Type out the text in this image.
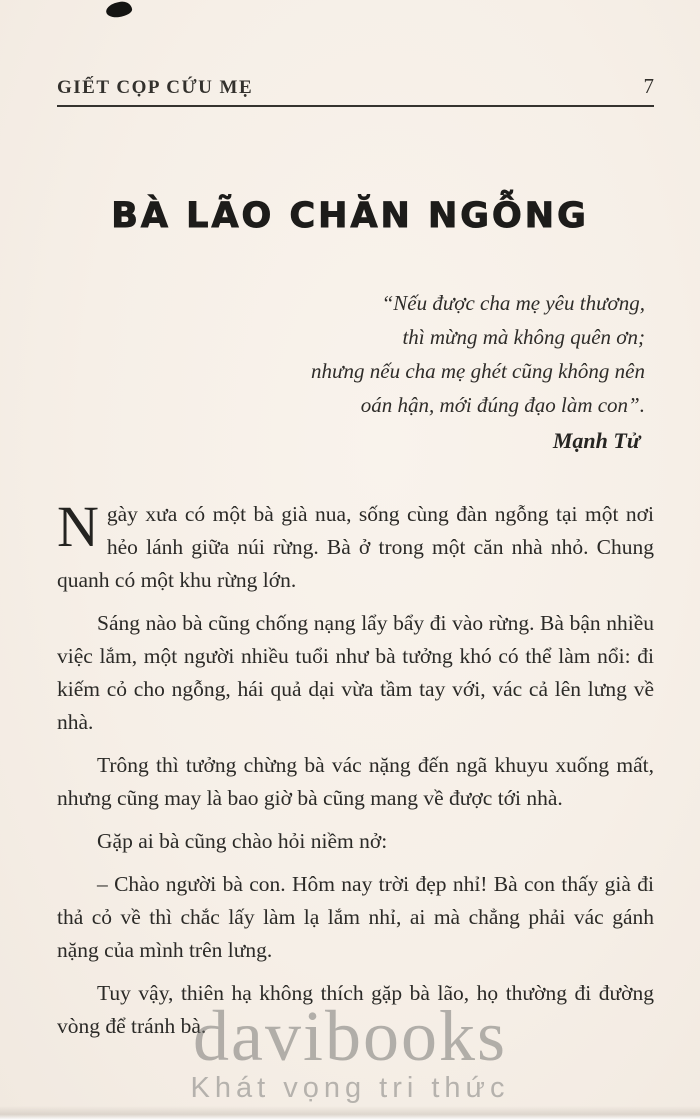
GIẾT CỌP CỨU MẸ	7
BÀ LÃO CHĂN NGỖNG
“Nếu được cha mẹ yêu thương,
thì mừng mà không quên ơn;
nhưng nếu cha mẹ ghét cũng không nên
oán hận, mới đúng đạo làm con”.
Mạnh Tử

Ngày xưa có một bà già nua, sống cùng đàn ngỗng tại một nơi hẻo lánh giữa núi rừng. Bà ở trong một căn nhà nhỏ. Chung quanh có một khu rừng lớn.

Sáng nào bà cũng chống nạng lẩy bẩy đi vào rừng. Bà bận nhiều việc lắm, một người nhiều tuổi như bà tưởng khó có thể làm nổi: đi kiếm cỏ cho ngỗng, hái quả dại vừa tầm tay với, vác cả lên lưng về nhà.

Trông thì tưởng chừng bà vác nặng đến ngã khuyu xuống mất, nhưng cũng may là bao giờ bà cũng mang về được tới nhà.

Gặp ai bà cũng chào hỏi niềm nở:

– Chào người bà con. Hôm nay trời đẹp nhỉ! Bà con thấy già đi thả cỏ về thì chắc lấy làm lạ lắm nhỉ, ai mà chẳng phải vác gánh nặng của mình trên lưng.

Tuy vậy, thiên hạ không thích gặp bà lão, họ thường đi đường vòng để tránh bà.

davibooks
Khát vọng tri thức
